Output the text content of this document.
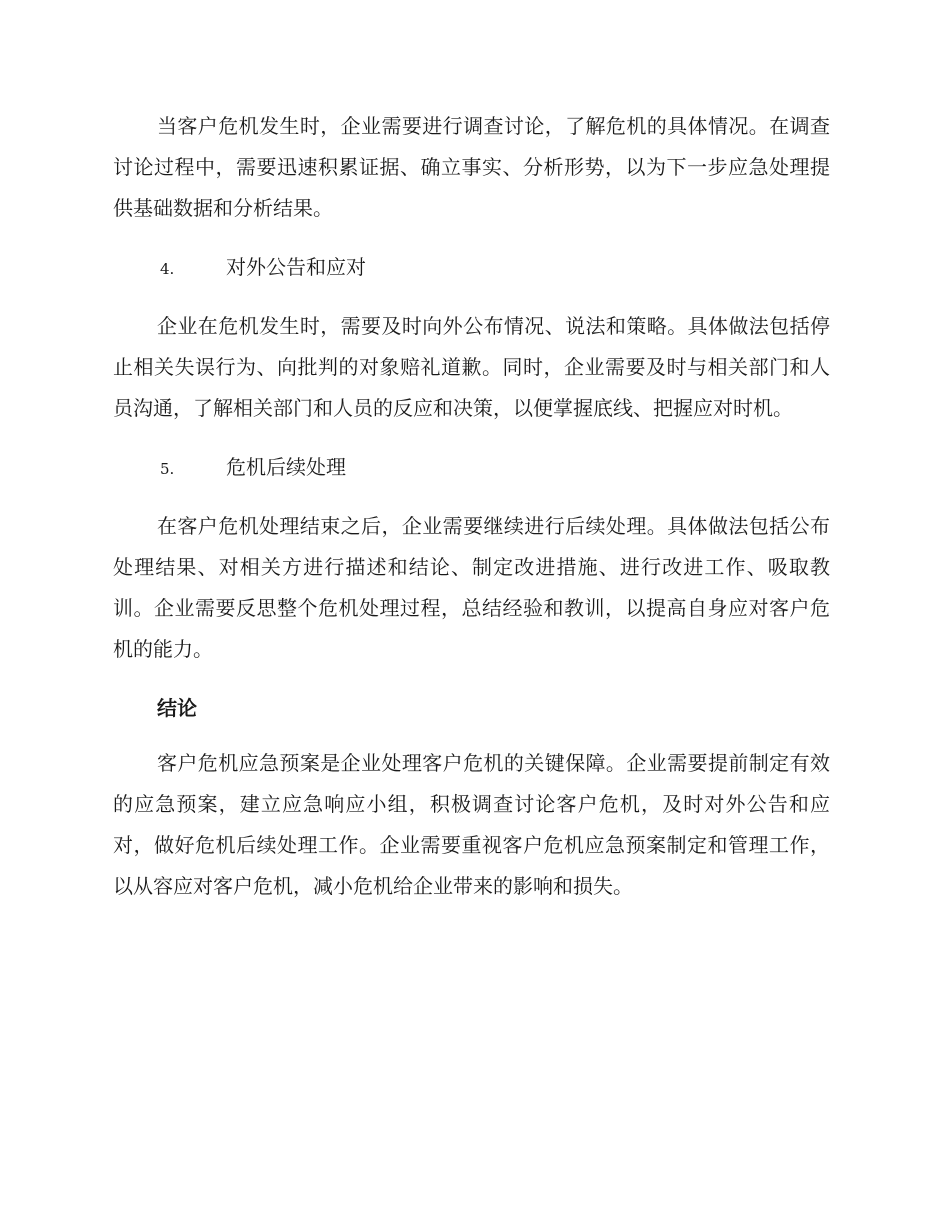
当客户危机发生时，企业需要进行调查讨论，了解危机的具体情况。在调查讨论过程中，需要迅速积累证据、确立事实、分析形势，以为下一步应急处理提供基础数据和分析结果。

4.	对外公告和应对

企业在危机发生时，需要及时向外公布情况、说法和策略。具体做法包括停止相关失误行为、向批判的对象赔礼道歉。同时，企业需要及时与相关部门和人员沟通，了解相关部门和人员的反应和决策，以便掌握底线、把握应对时机。

5.	危机后续处理

在客户危机处理结束之后，企业需要继续进行后续处理。具体做法包括公布处理结果、对相关方进行描述和结论、制定改进措施、进行改进工作、吸取教训。企业需要反思整个危机处理过程，总结经验和教训，以提高自身应对客户危机的能力。

结论

客户危机应急预案是企业处理客户危机的关键保障。企业需要提前制定有效的应急预案，建立应急响应小组，积极调查讨论客户危机，及时对外公告和应对，做好危机后续处理工作。企业需要重视客户危机应急预案制定和管理工作，以从容应对客户危机，减小危机给企业带来的影响和损失。
